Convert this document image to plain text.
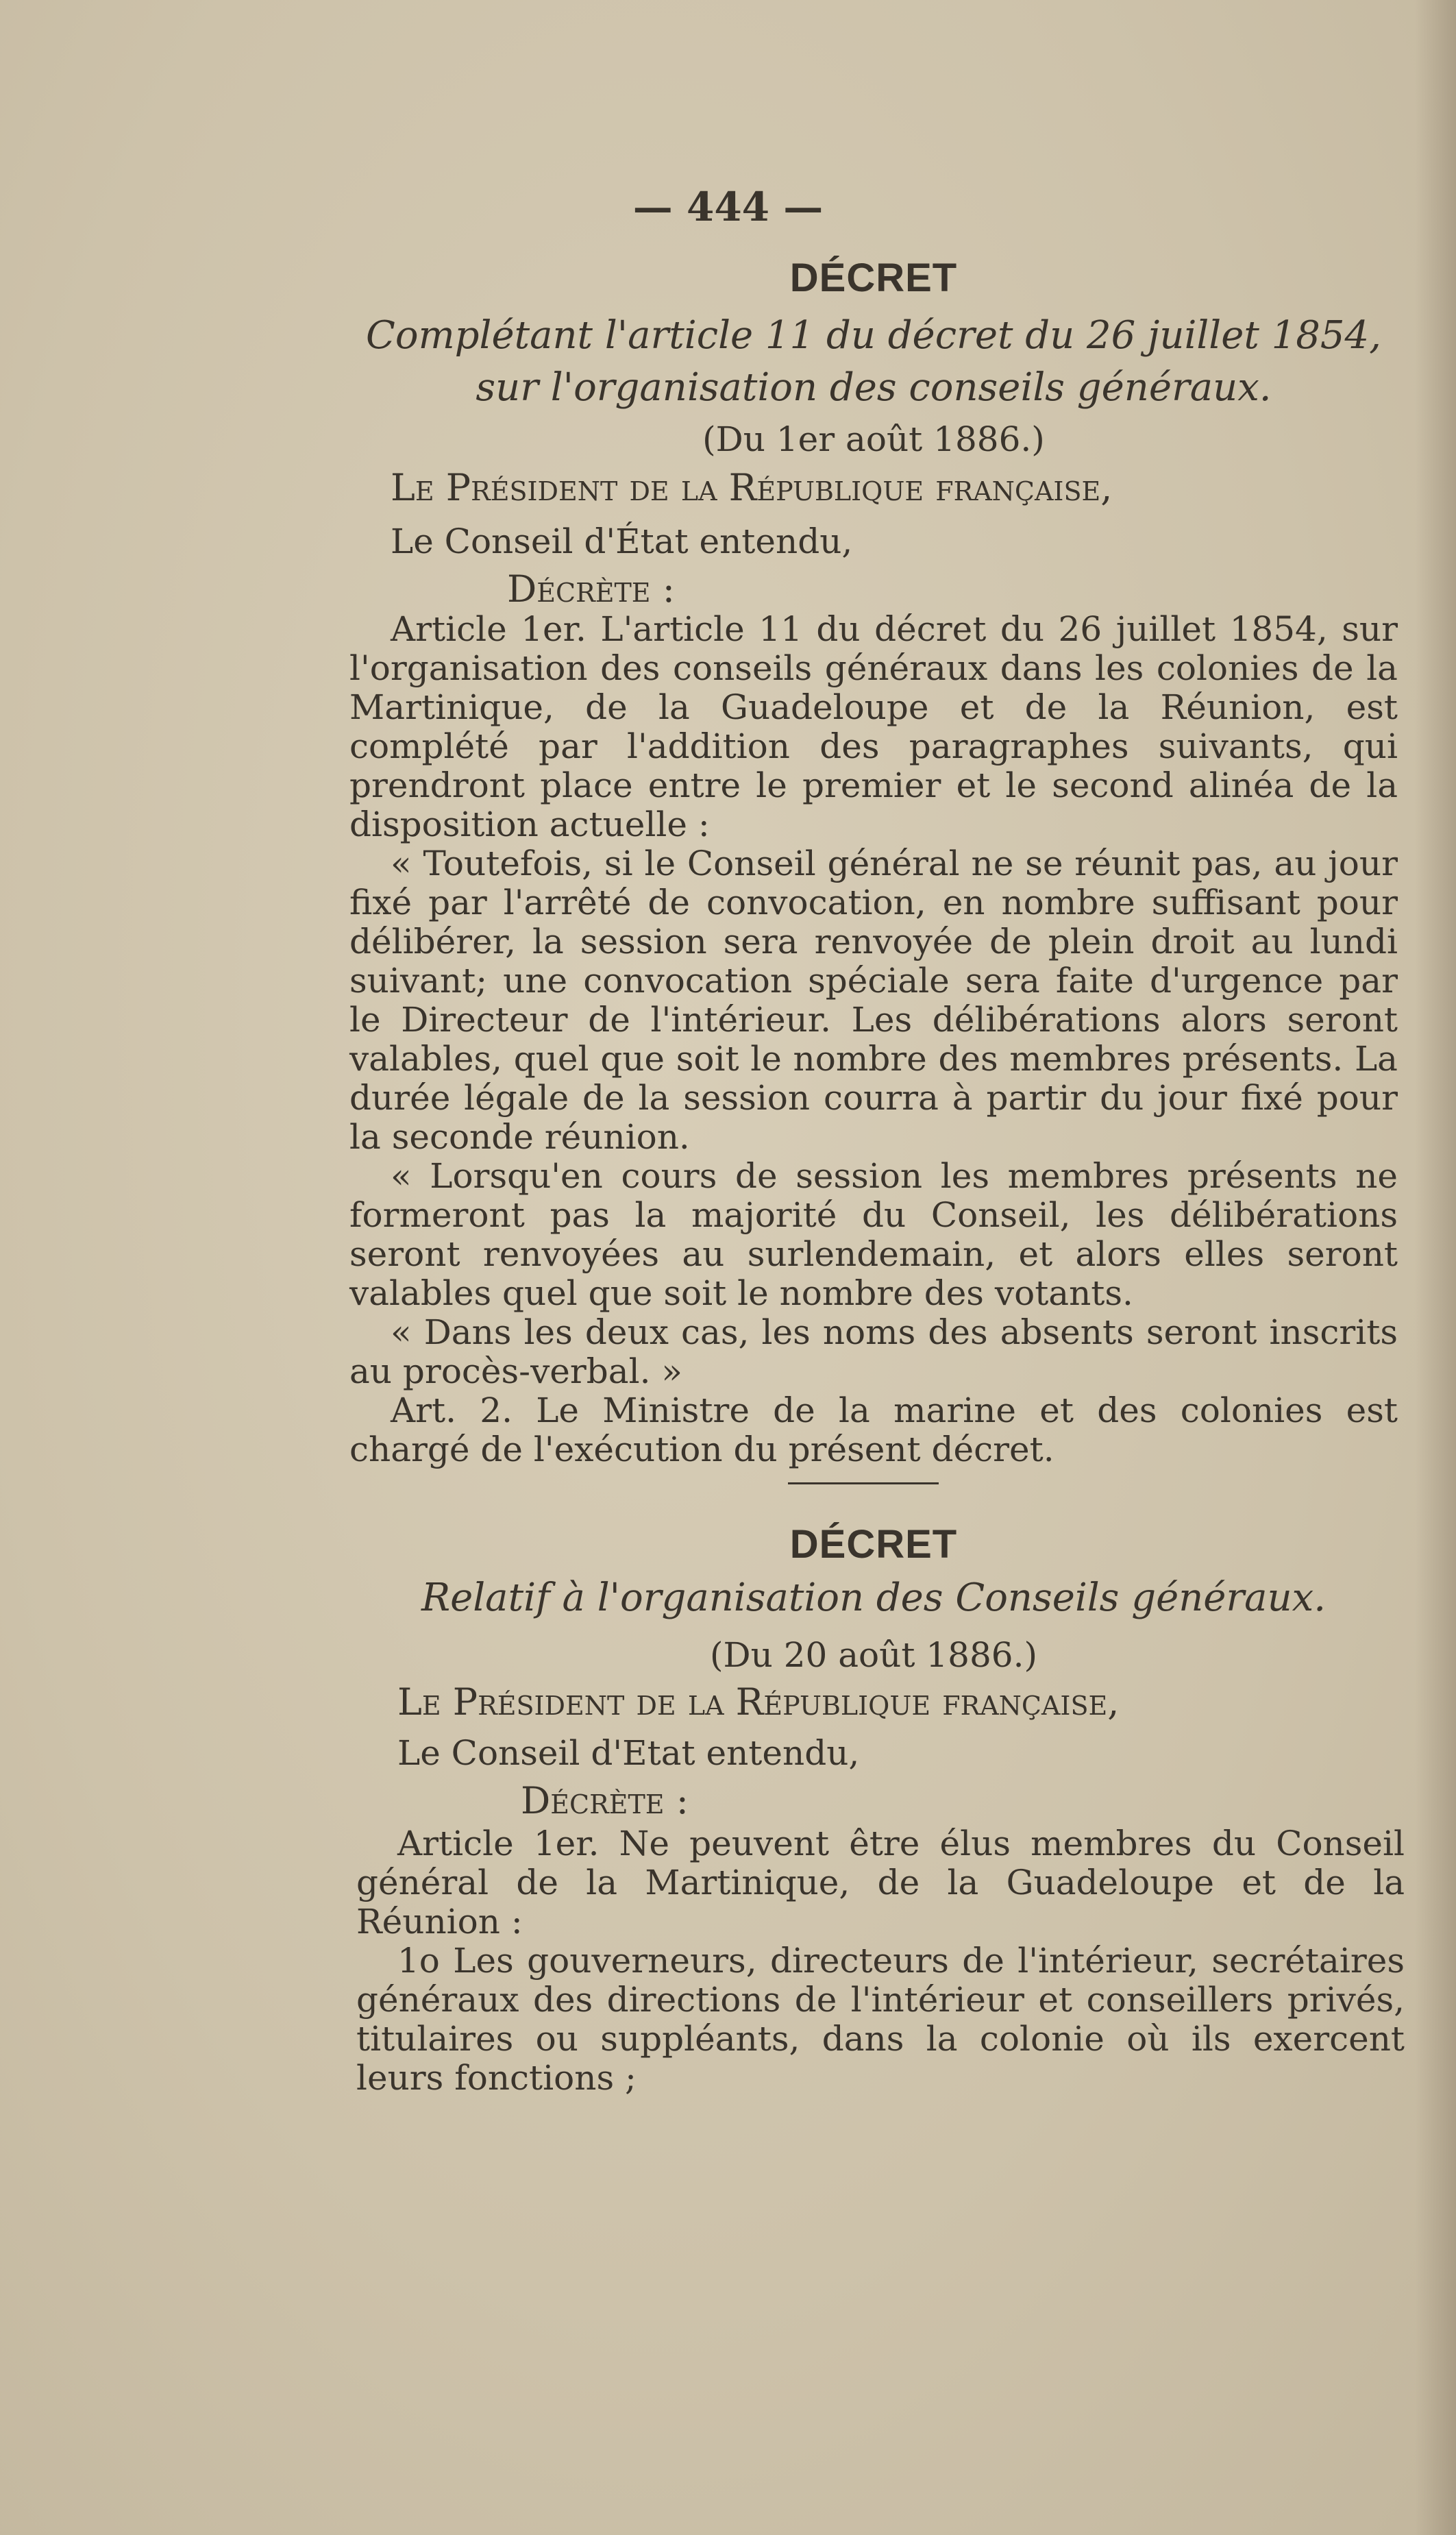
— 444 —
DÉCRET
Complétant l'article 11 du décret du 26 juillet 1854,
sur l'organisation des conseils généraux.
(Du 1er août 1886.)
Le Président de la République française,
Le Conseil d'État entendu,
Décrète :

Article 1er. L'article 11 du décret du 26 juillet 1854, sur l'organisation des conseils généraux dans les colonies de la Martinique, de la Guadeloupe et de la Réunion, est complété par l'addition des paragraphes suivants, qui prendront place entre le premier et le second alinéa de la disposition actuelle :

« Toutefois, si le Conseil général ne se réunit pas, au jour fixé par l'arrêté de convocation, en nombre suffisant pour délibérer, la session sera renvoyée de plein droit au lundi suivant; une convocation spéciale sera faite d'urgence par le Directeur de l'intérieur. Les délibérations alors seront valables, quel que soit le nombre des membres présents. La durée légale de la session courra à partir du jour fixé pour la seconde réunion.

« Lorsqu'en cours de session les membres présents ne formeront pas la majorité du Conseil, les délibérations seront renvoyées au surlendemain, et alors elles seront valables quel que soit le nombre des votants.

« Dans les deux cas, les noms des absents seront inscrits au procès-verbal. »

Art. 2. Le Ministre de la marine et des colonies est chargé de l'exécution du présent décret.

DÉCRET
Relatif à l'organisation des Conseils généraux.
(Du 20 août 1886.)
Le Président de la République française,
Le Conseil d'Etat entendu,
Décrète :

Article 1er. Ne peuvent être élus membres du Conseil général de la Martinique, de la Guadeloupe et de la Réunion :

1o Les gouverneurs, directeurs de l'intérieur, secrétaires généraux des directions de l'intérieur et conseillers privés, titulaires ou suppléants, dans la colonie où ils exercent leurs fonctions ;
